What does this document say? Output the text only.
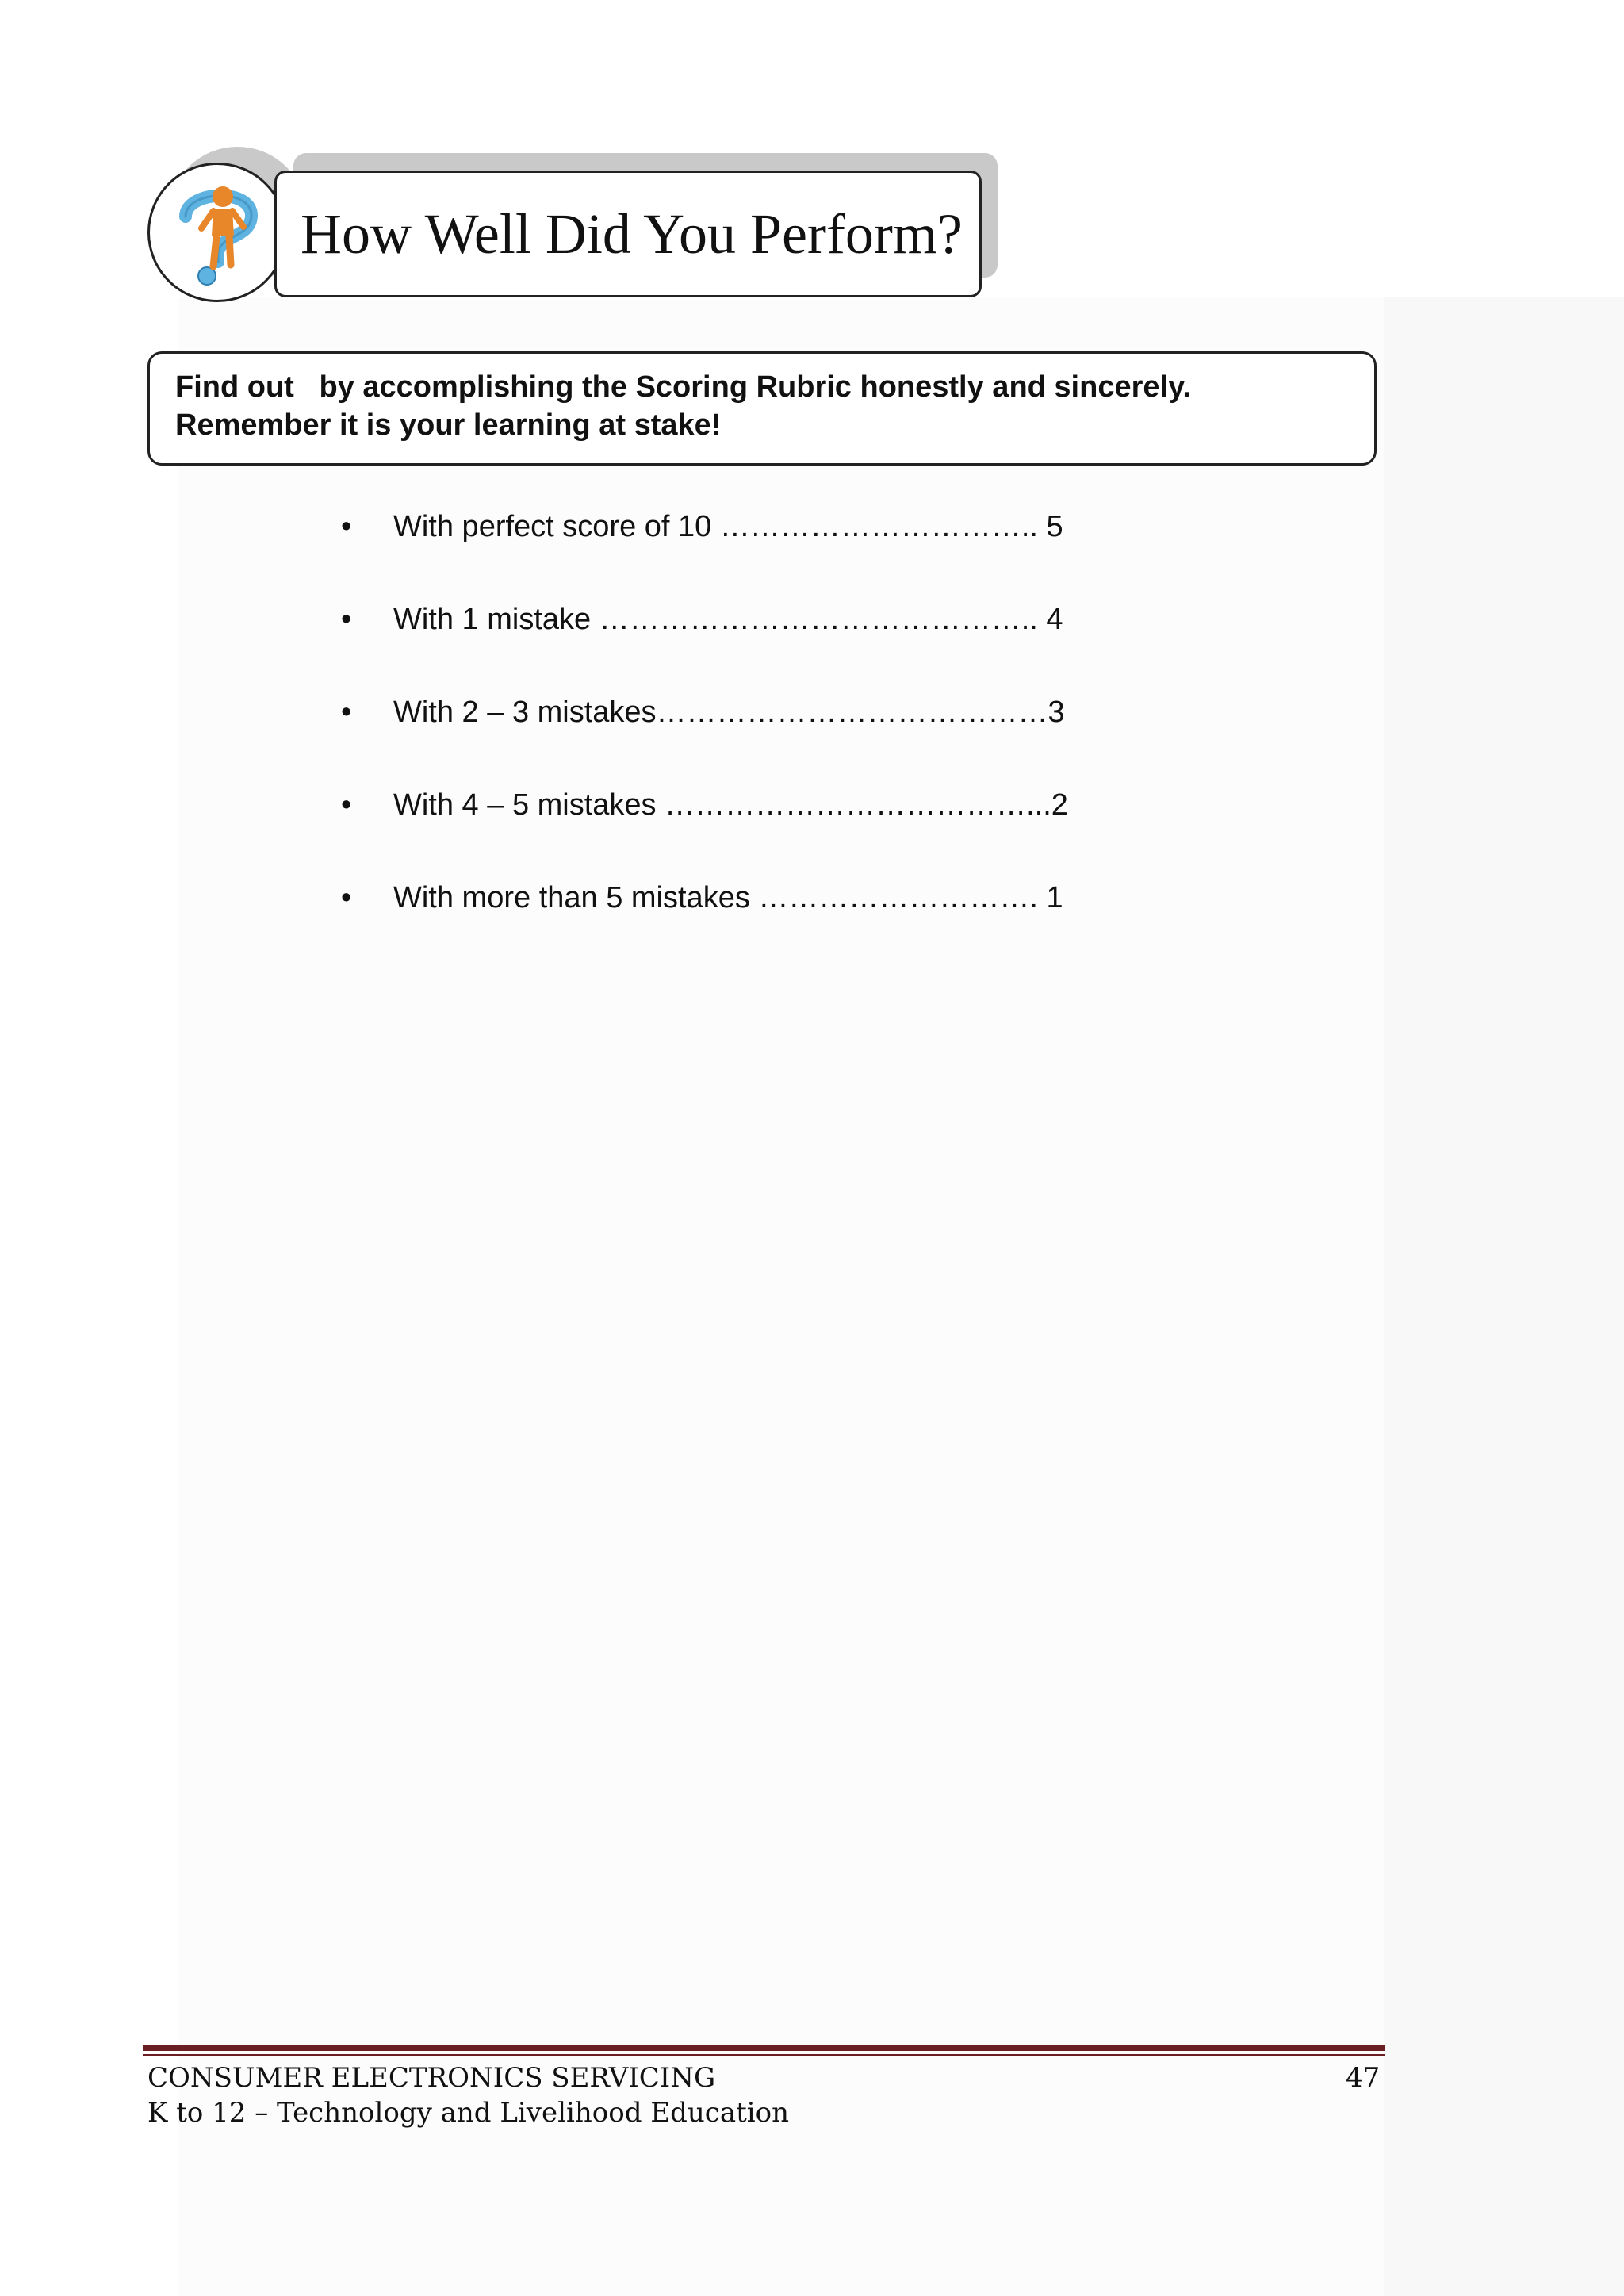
How Well Did You Perform?
Find out   by accomplishing the Scoring Rubric honestly and sincerely.
Remember it is your learning at stake!

•

With perfect score of 10 ………………………….. 5

•

With 1 mistake …………………………………….. 4

•

With 2 – 3 mistakes…………………………………3

•

With 4 – 5 mistakes ………………………………...2

•

With more than 5 mistakes ………………………. 1

CONSUMER ELECTRONICS SERVICING
K to 12 – Technology and Livelihood Education
47
